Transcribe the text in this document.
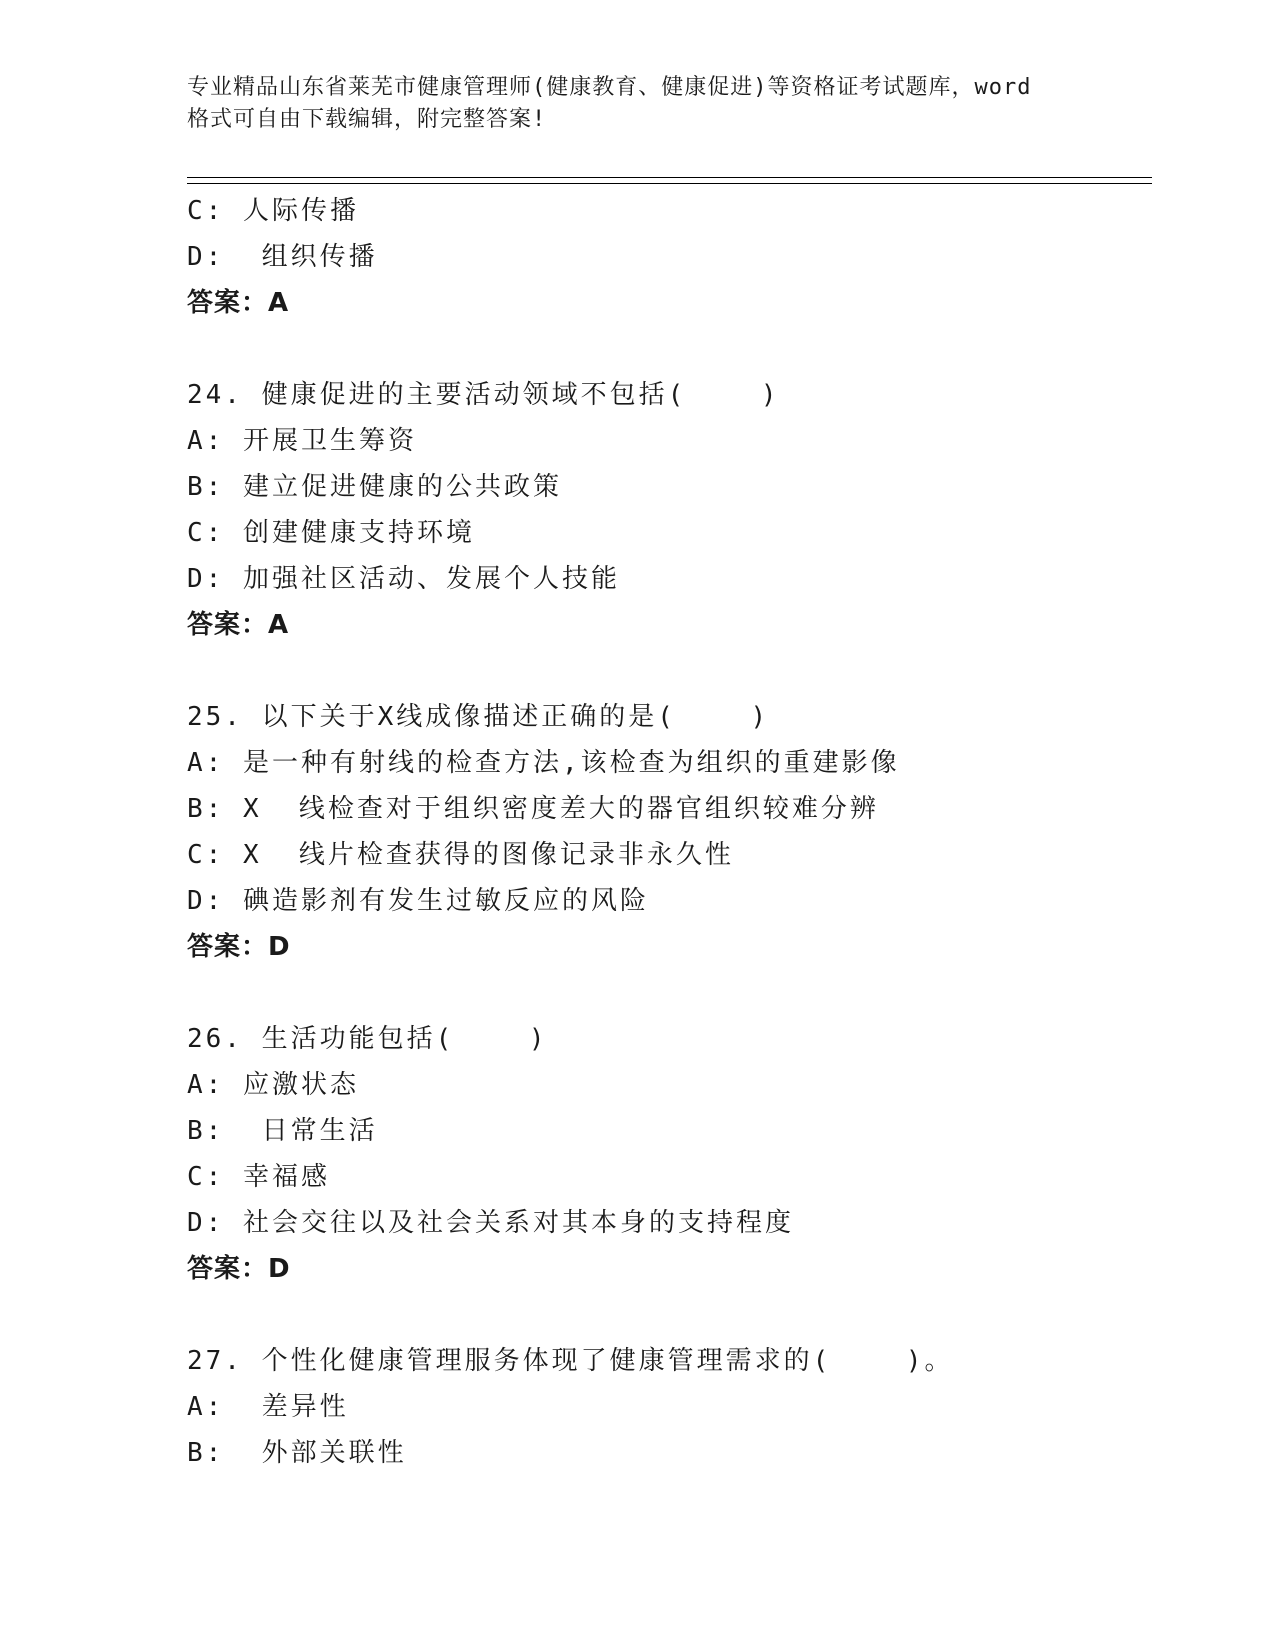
专业精品山东省莱芜市健康管理师(健康教育、健康促进)等资格证考试题库，word
格式可自由下载编辑，附完整答案!
C: 人际传播
D:  组织传播
答案：A
24. 健康促进的主要活动领域不包括(    )
A: 开展卫生筹资
B: 建立促进健康的公共政策
C: 创建健康支持环境
D: 加强社区活动、发展个人技能
答案：A
25. 以下关于X线成像描述正确的是(    )
A: 是一种有射线的检查方法,该检查为组织的重建影像
B: X  线检查对于组织密度差大的器官组织较难分辨
C: X  线片检查获得的图像记录非永久性
D: 碘造影剂有发生过敏反应的风险
答案：D
26. 生活功能包括(    )
A: 应激状态
B:  日常生活
C: 幸福感
D: 社会交往以及社会关系对其本身的支持程度
答案：D
27. 个性化健康管理服务体现了健康管理需求的(    )。
A:  差异性
B:  外部关联性
